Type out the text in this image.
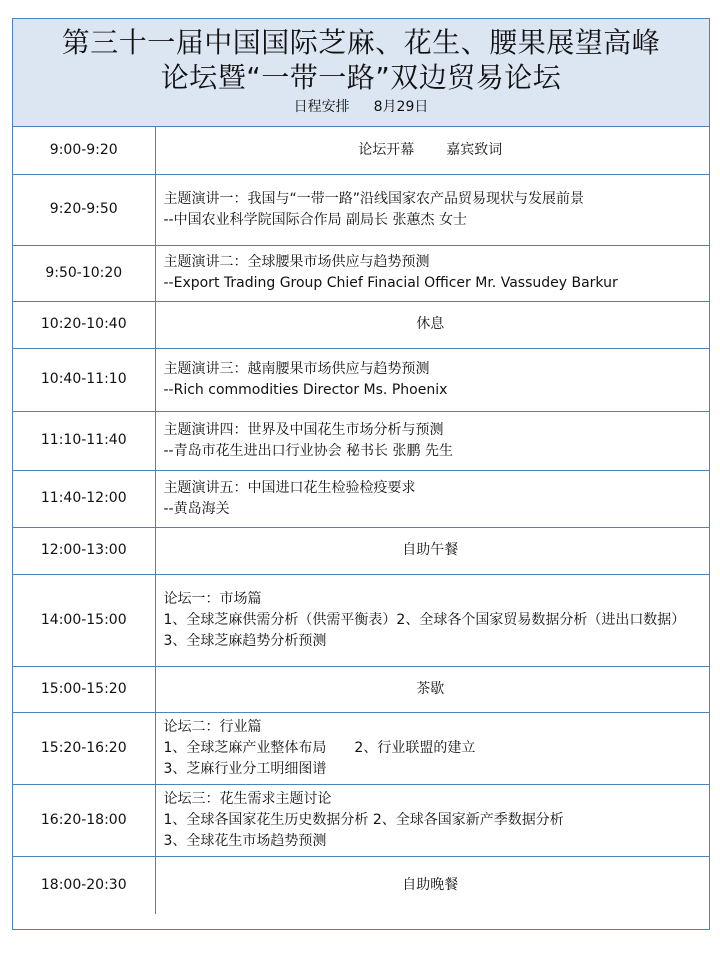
第三十一届中国国际芝麻、花生、腰果展望高峰
论坛暨“一带一路”双边贸易论坛
日程安排 8月29日
9:00-9:20	论坛开幕 嘉宾致词
9:20-9:50	主题演讲一：我国与“一带一路”沿线国家农产品贸易现状与发展前景
--中国农业科学院国际合作局 副局长 张蕙杰 女士

9:50-10:20	主题演讲二：全球腰果市场供应与趋势预测
--Export Trading Group Chief Finacial Officer Mr. Vassudey Barkur

10:20-10:40	休息
10:40-11:10	主题演讲三：越南腰果市场供应与趋势预测
--Rich commodities Director Ms. Phoenix

11:10-11:40	主题演讲四：世界及中国花生市场分析与预测
--青岛市花生进出口行业协会 秘书长 张鹏 先生

11:40-12:00	主题演讲五：中国进口花生检验检疫要求
--黄岛海关

12:00-13:00	自助午餐
14:00-15:00	论坛一：市场篇
1、全球芝麻供需分析（供需平衡表）2、全球各个国家贸易数据分析（进出口数据）
3、全球芝麻趋势分析预测

15:00-15:20	茶歇
15:20-16:20	论坛二：行业篇
1、全球芝麻产业整体布局　　2、行业联盟的建立
3、芝麻行业分工明细图谱

16:20-18:00	论坛三：花生需求主题讨论
1、全球各国家花生历史数据分析 2、全球各国家新产季数据分析
3、全球花生市场趋势预测

18:00-20:30	自助晚餐
